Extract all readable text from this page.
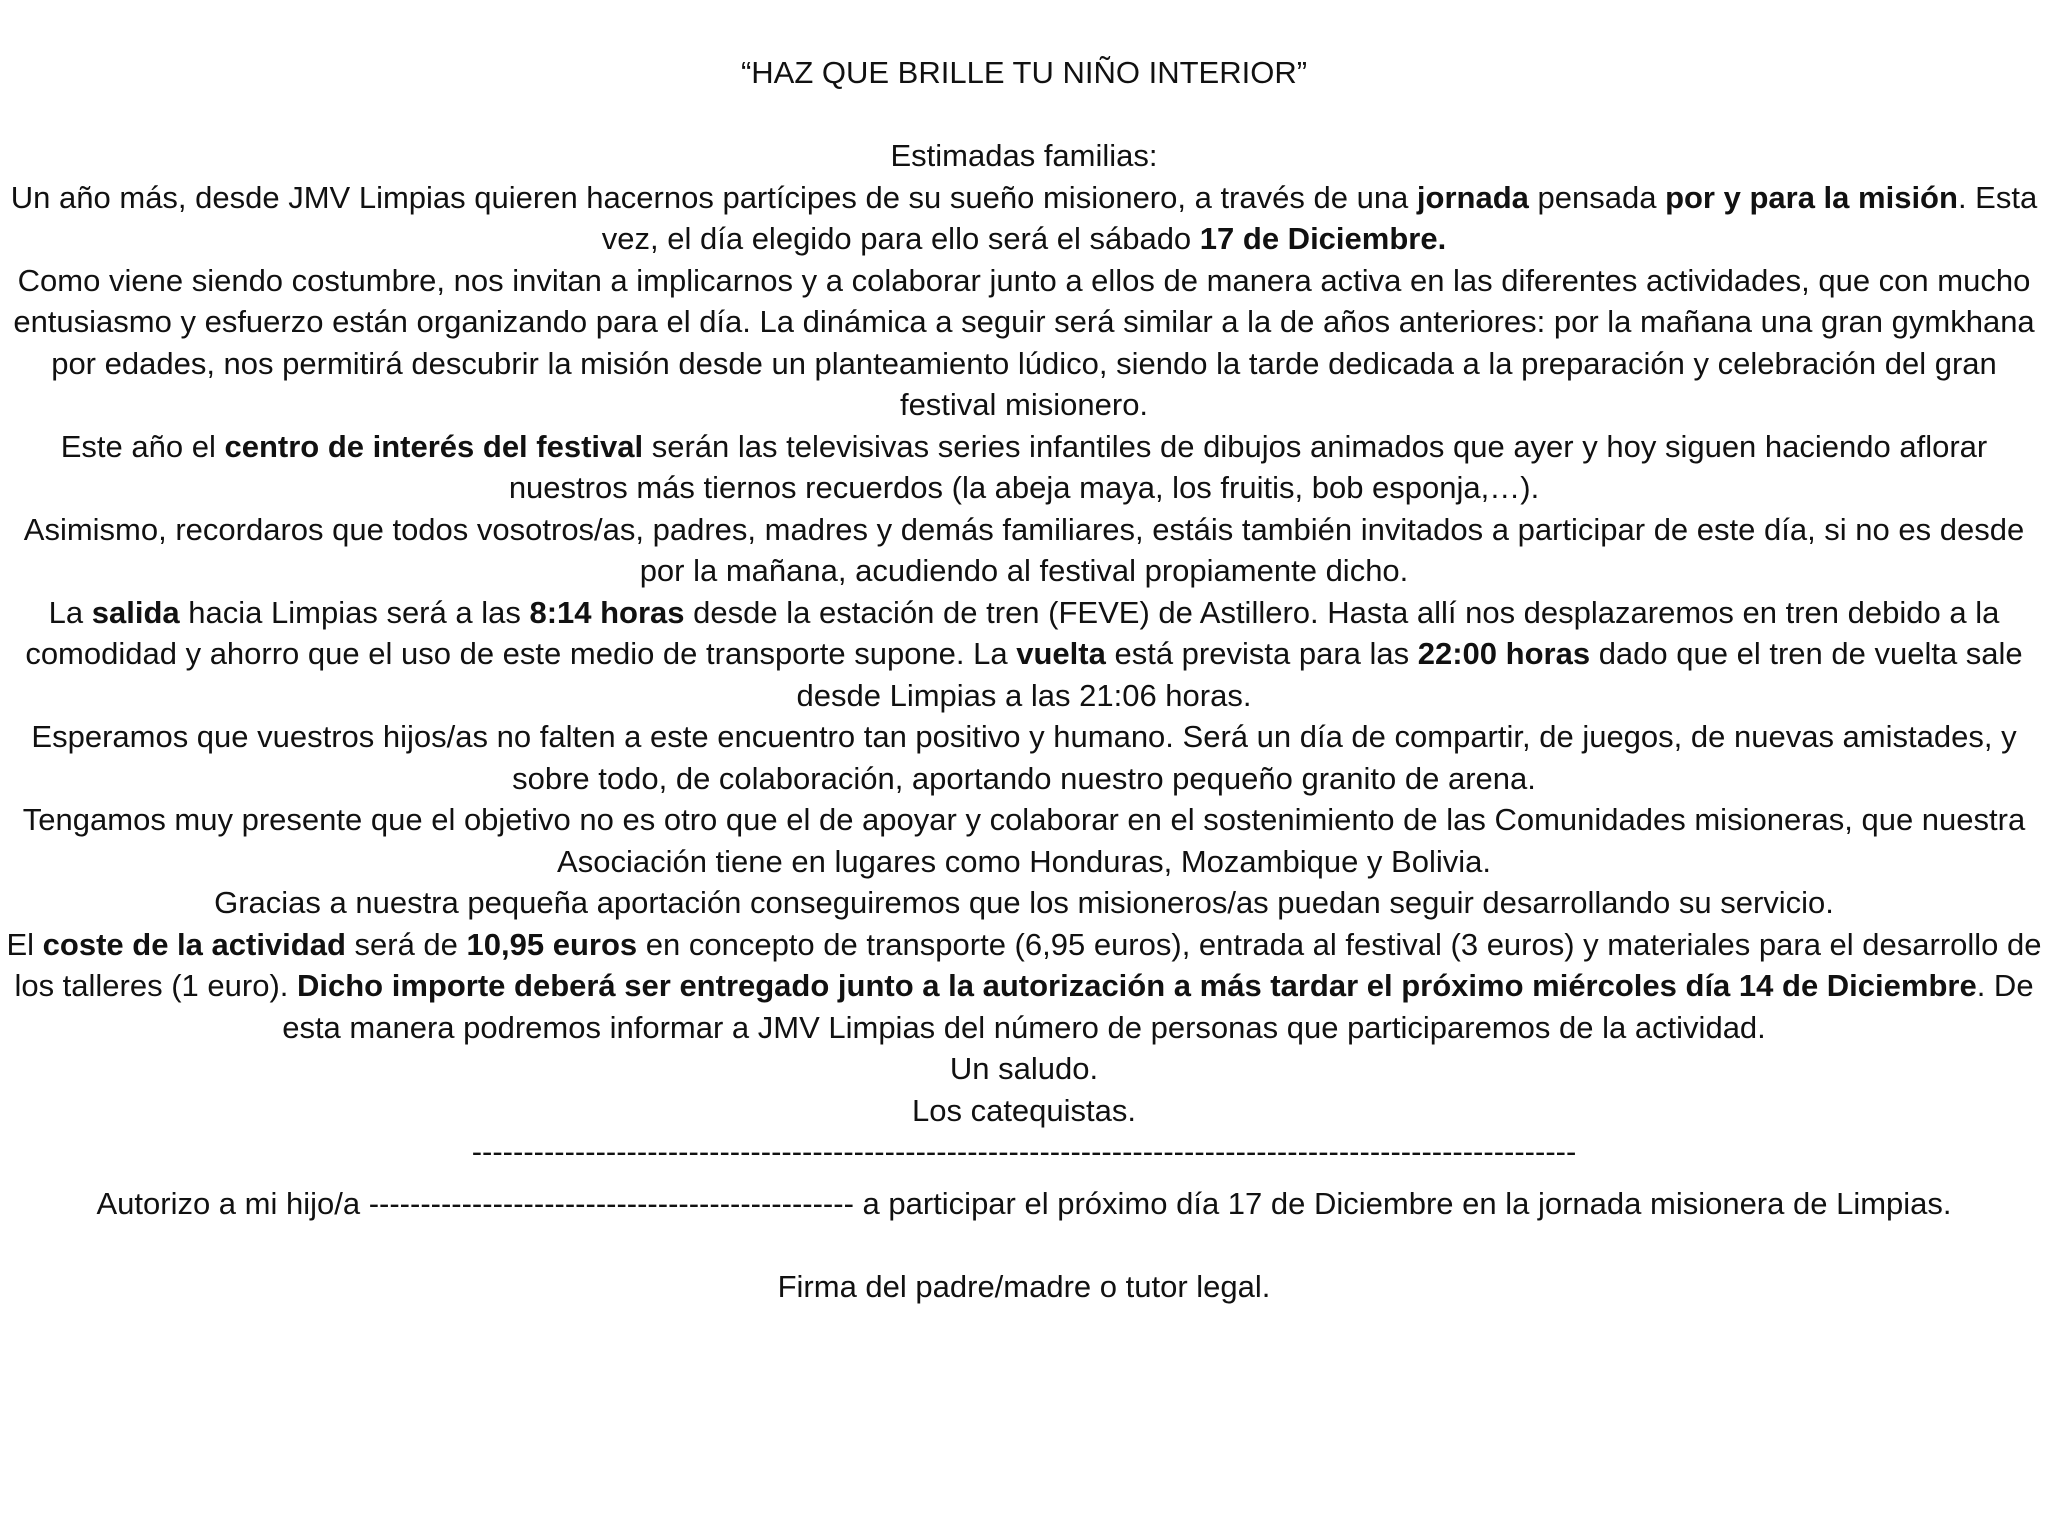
“HAZ QUE BRILLE TU NIÑO INTERIOR”

Estimadas familias:

Un año más, desde JMV Limpias quieren hacernos partícipes de su sueño misionero, a través de una jornada pensada por y para la misión. Esta vez, el día elegido para ello será el sábado 17 de Diciembre.

Como viene siendo costumbre, nos invitan a implicarnos y a colaborar junto a ellos de manera activa en las diferentes actividades, que con mucho entusiasmo y esfuerzo están organizando para el día. La dinámica a seguir será similar a la de años anteriores: por la mañana una gran gymkhana por edades, nos permitirá descubrir la misión desde un planteamiento lúdico, siendo la tarde dedicada a la preparación y celebración del gran festival misionero.

Este año el centro de interés del festival serán las televisivas series infantiles de dibujos animados que ayer y hoy siguen haciendo aflorar nuestros más tiernos recuerdos (la abeja maya, los fruitis, bob esponja,…).

Asimismo, recordaros que todos vosotros/as, padres, madres y demás familiares, estáis también invitados a participar de este día, si no es desde por la mañana, acudiendo al festival propiamente dicho.

La salida hacia Limpias será a las 8:14 horas desde la estación de tren (FEVE) de Astillero. Hasta allí nos desplazaremos en tren debido a la comodidad y ahorro que el uso de este medio de transporte supone. La vuelta está prevista para las 22:00 horas dado que el tren de vuelta sale desde Limpias a las 21:06 horas.

Esperamos que vuestros hijos/as no falten a este encuentro tan positivo y humano. Será un día de compartir, de juegos, de nuevas amistades, y sobre todo, de colaboración, aportando nuestro pequeño granito de arena.

Tengamos muy presente que el objetivo no es otro que el de apoyar y colaborar en el sostenimiento de las Comunidades misioneras, que nuestra Asociación tiene en lugares como Honduras, Mozambique y Bolivia.

Gracias a nuestra pequeña aportación conseguiremos que los misioneros/as puedan seguir desarrollando su servicio.

El coste de la actividad será de 10,95 euros en concepto de transporte (6,95 euros), entrada al festival (3 euros) y materiales para el desarrollo de los talleres (1 euro). Dicho importe deberá ser entregado junto a la autorización a más tardar el próximo miércoles día 14 de Diciembre. De esta manera podremos informar a JMV Limpias del número de personas que participaremos de la actividad.

Un saludo.

Los catequistas.

-----------------------------------------------------------------------------------------------------------

Autorizo a mi hijo/a ----------------------------------------------- a participar el próximo día 17 de Diciembre en la jornada misionera de Limpias.

Firma del padre/madre o tutor legal.
